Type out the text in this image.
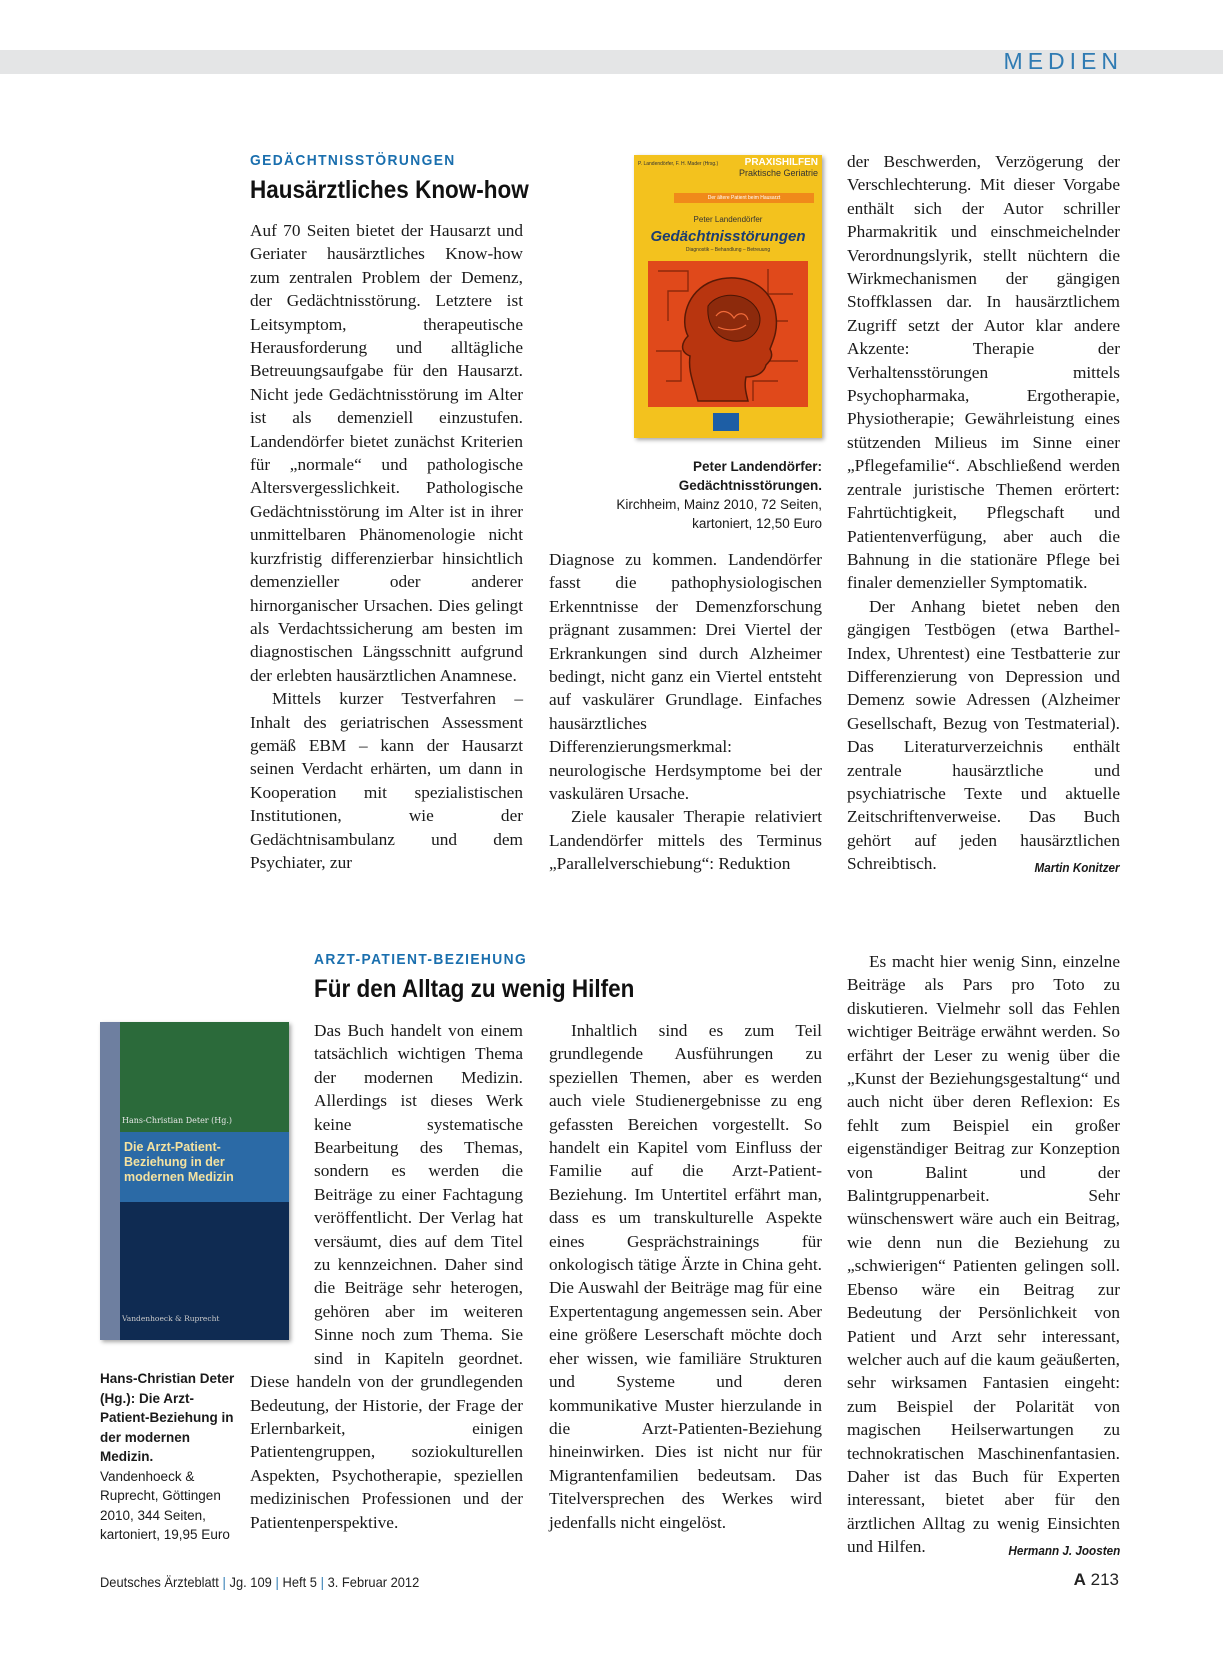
MEDIEN
GEDÄCHTNISSTÖRUNGEN
Hausärztliches Know-how

Auf 70 Seiten bietet der Hausarzt und Geriater hausärztliches Know-how zum zentralen Problem der Demenz, der Gedächtnisstörung. Letztere ist Leitsymptom, therapeutische Herausforderung und alltägliche Betreuungsaufgabe für den Hausarzt. Nicht jede Gedächtnisstörung im Alter ist als demenziell einzustufen. Landendörfer bietet zunächst Kriterien für „normale“ und pathologische Altersvergesslichkeit. Pathologische Gedächtnisstörung im Alter ist in ihrer unmittelbaren Phänomenologie nicht kurzfristig differenzierbar hinsichtlich demenzieller oder anderer hirnorganischer Ursachen. Dies gelingt als Verdachtssicherung am besten im diagnostischen Längsschnitt aufgrund der erlebten hausärztlichen Anamnese.

Mittels kurzer Testverfahren – Inhalt des geriatrischen Assessment gemäß EBM – kann der Hausarzt seinen Verdacht erhärten, um dann in Kooperation mit spezialistischen Institutionen, wie der Gedächtnisambulanz und dem Psychiater, zur

P. Landendörfer, F. H. Mader (Hrsg.)	PRAXISHILFEN
Praktische Geriatrie
Der ältere Patient beim Hausarzt
Peter Landendörfer
Gedächtnisstörungen
Diagnostik – Behandlung – Betreuung
Peter Landendörfer: Gedächtnisstörungen.
Kirchheim, Mainz 2010, 72 Seiten,
kartoniert, 12,50 Euro

Diagnose zu kommen. Landendörfer fasst die pathophysiologischen Erkenntnisse der Demenzforschung prägnant zusammen: Drei Viertel der Erkrankungen sind durch Alzheimer bedingt, nicht ganz ein Viertel entsteht auf vaskulärer Grundlage. Einfaches hausärztliches Differenzierungsmerkmal: neurologische Herdsymptome bei der vaskulären Ursache.

Ziele kausaler Therapie relativiert Landendörfer mittels des Terminus „Parallelverschiebung“: Reduktion

der Beschwerden, Verzögerung der Verschlechterung. Mit dieser Vorgabe enthält sich der Autor schriller Pharmakritik und einschmeichelnder Verordnungslyrik, stellt nüchtern die Wirkmechanismen der gängigen Stoffklassen dar. In hausärztlichem Zugriff setzt der Autor klar andere Akzente: Therapie der Verhaltensstörungen mittels Psychopharmaka, Ergotherapie, Physiotherapie; Gewährleistung eines stützenden Milieus im Sinne einer „Pflegefamilie“. Abschließend werden zentrale juristische Themen erörtert: Fahrtüchtigkeit, Pflegschaft und Patientenverfügung, aber auch die Bahnung in die stationäre Pflege bei finaler demenzieller Symptomatik.

Der Anhang bietet neben den gängigen Testbögen (etwa Barthel-Index, Uhrentest) eine Testbatterie zur Differenzierung von Depression und Demenz sowie Adressen (Alzheimer Gesellschaft, Bezug von Testmaterial). Das Literaturverzeichnis enthält zentrale hausärztliche und psychiatrische Texte und aktuelle Zeitschriftenverweise. Das Buch gehört auf jeden hausärztlichen Schreibtisch.	Martin Konitzer

ARZT-PATIENT-BEZIEHUNG
Für den Alltag zu wenig Hilfen
Hans-Christian Deter (Hg.)
Die Arzt-Patient-Beziehung in der modernen Medizin
Vandenhoeck & Ruprecht
Hans-Christian Deter (Hg.): Die Arzt-Patient-Beziehung in der modernen Medizin. Vandenhoeck & Ruprecht, Göttingen 2010, 344 Seiten, kartoniert, 19,95 Euro

Das Buch handelt von einem tatsächlich wichtigen Thema der modernen Medizin. Allerdings ist dieses Werk keine systematische Bearbeitung des Themas, sondern es werden die Beiträge zu einer Fachtagung veröffentlicht. Der Verlag hat versäumt, dies auf dem Titel zu kennzeichnen. Daher sind die Beiträge sehr heterogen, gehören aber im weiteren Sinne noch zum Thema. Sie sind in Kapiteln geordnet. Diese handeln von der grundlegenden Bedeutung, der Historie, der Frage der Erlernbarkeit, einigen Patientengruppen, soziokulturellen Aspekten, Psychotherapie, speziellen medizinischen Professionen und der Patientenperspektive.

Inhaltlich sind es zum Teil grundlegende Ausführungen zu speziellen Themen, aber es werden auch viele Studienergebnisse zu eng gefassten Bereichen vorgestellt. So handelt ein Kapitel vom Einfluss der Familie auf die Arzt-Patient-Beziehung. Im Untertitel erfährt man, dass es um transkulturelle Aspekte eines Gesprächstrainings für onkologisch tätige Ärzte in China geht. Die Auswahl der Beiträge mag für eine Expertentagung angemessen sein. Aber eine größere Leserschaft möchte doch eher wissen, wie familiäre Strukturen und Systeme und deren kommunikative Muster hierzulande in die Arzt-Patienten-Beziehung hineinwirken. Dies ist nicht nur für Migrantenfamilien bedeutsam. Das Titelversprechen des Werkes wird jedenfalls nicht eingelöst.

Es macht hier wenig Sinn, einzelne Beiträge als Pars pro Toto zu diskutieren. Vielmehr soll das Fehlen wichtiger Beiträge erwähnt werden. So erfährt der Leser zu wenig über die „Kunst der Beziehungsgestaltung“ und auch nicht über deren Reflexion: Es fehlt zum Beispiel ein großer eigenständiger Beitrag zur Konzeption von Balint und der Balintgruppenarbeit. Sehr wünschenswert wäre auch ein Beitrag, wie denn nun die Beziehung zu „schwierigen“ Patienten gelingen soll. Ebenso wäre ein Beitrag zur Bedeutung der Persönlichkeit von Patient und Arzt sehr interessant, welcher auch auf die kaum geäußerten, sehr wirksamen Fantasien eingeht: zum Beispiel der Polarität von magischen Heilserwartungen zu technokratischen Maschinenfantasien. Daher ist das Buch für Experten interessant, bietet aber für den ärztlichen Alltag zu wenig Einsichten und Hilfen.	Hermann J. Joosten

Deutsches Ärzteblatt | Jg. 109 | Heft 5 | 3. Februar 2012	A 213
